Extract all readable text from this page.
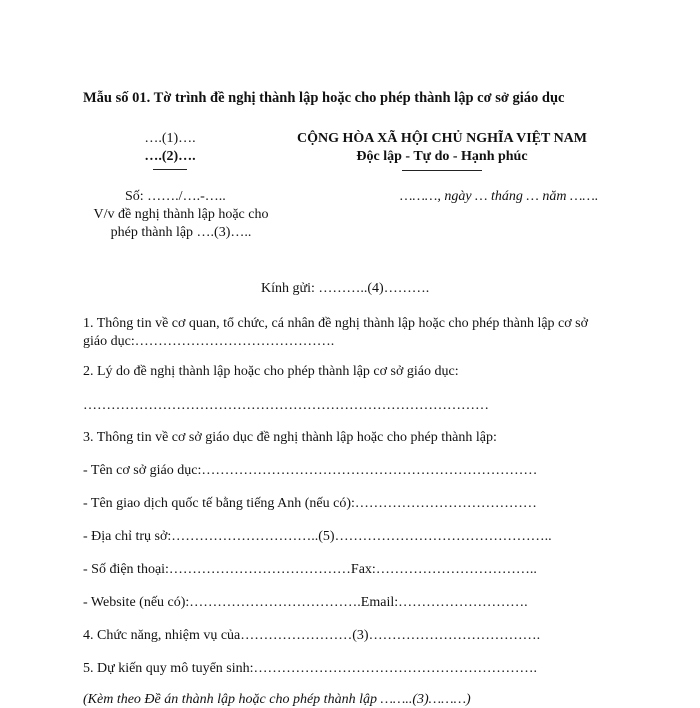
Mẫu số 01. Tờ trình đề nghị thành lập hoặc cho phép thành lập cơ sở giáo dục
….(1)….
….(2)….
CỘNG HÒA XÃ HỘI CHỦ NGHĨA VIỆT NAM
Độc lập - Tự do - Hạnh phúc
Số: ……./….-…..
V/v đề nghị thành lập hoặc cho phép thành lập ….(3)…..
………, ngày … tháng … năm …….
Kính gửi: ………..(4)……….
1. Thông tin về cơ quan, tổ chức, cá nhân đề nghị thành lập hoặc cho phép thành lập cơ sở giáo dục:…………………………………….
2. Lý do đề nghị thành lập hoặc cho phép thành lập cơ sở giáo dục:
……………………………………………………………………………
3. Thông tin về cơ sở giáo dục đề nghị thành lập hoặc cho phép thành lập:
- Tên cơ sở giáo dục:………………………………………………………………
- Tên giao dịch quốc tế bằng tiếng Anh (nếu có):…………………………………
- Địa chỉ trụ sở:…………………………..(5)………………………………………..
- Số điện thoại:…………………………………Fax:……………………………..
- Website (nếu có):……………………………….Email:……………………….
4. Chức năng, nhiệm vụ của……………………(3)……………………………….
5. Dự kiến quy mô tuyển sinh:…………………………………………………….
(Kèm theo Đề án thành lập hoặc cho phép thành lập ……..(3)………)
